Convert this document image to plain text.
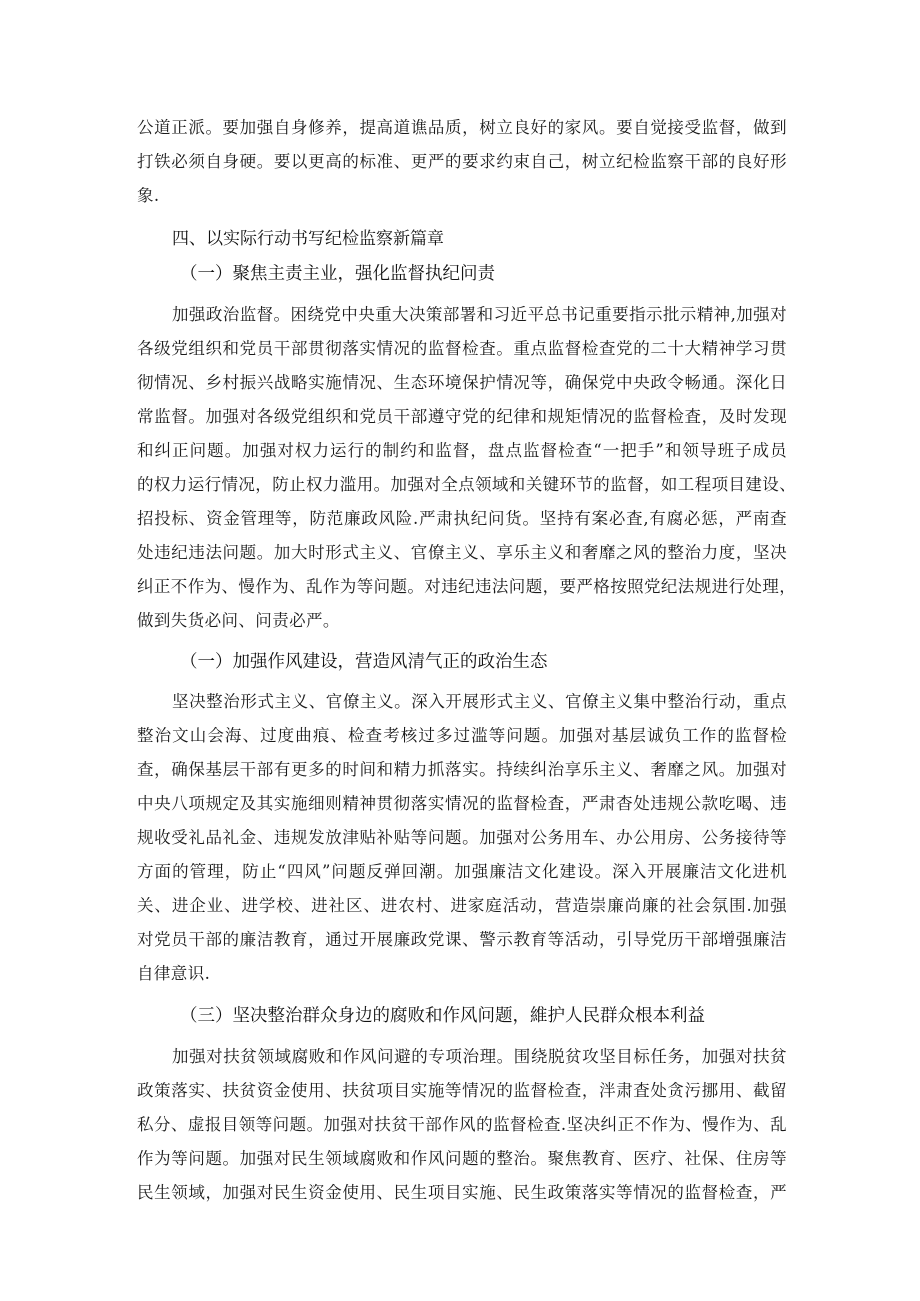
公道正派。要加强自身修养，提高道谯品质，树立良好的家风。要自觉接受监督，做到
打铁必须自身硬。要以更高的标准、更严的要求约束自己，树立纪检监察干部的良好形
象.
四、以实际行动书写纪检监察新篇章
（一）聚焦主责主业，强化监督执纪问责
加强政治监督。困绕党中央重大决策部署和习近平总书记重要指示批示精神,加强对
各级党组织和党员干部贯彻落实情况的监督检査。重点监督检查党的二十大精神学习贯
彻情况、乡村振兴战略实施情况、生态环境保护情况等，确保党中央政令畅通。深化日
常监督。加强对各级党组织和党员干部遵守党的纪律和规矩情况的监督检査，及时发现
和纠正问题。加强对权力运行的制约和监督，盘点监督检查“一把手”和领导班子成员
的权力运行情况，防止权力滥用。加强对全点领域和关键环节的监督，如工程项目建设、
招投标、资金管理等，防范廉政风险.严肃执纪问货。坚持有案必査,有腐必惩，严南查
处违纪违法问题。加大时形式主义、官僚主义、享乐主义和奢靡之风的整治力度，坚决
纠正不作为、慢作为、乱作为等问题。对违纪违法问题，要严格按照党纪法规进行处理，
做到失货必问、问责必严。
（一）加强作风建设，营造风清气正的政治生态
坚决整治形式主义、官僚主义。深入开展形式主义、官僚主义集中整治行动，重点
整治文山会海、过度曲痕、检查考核过多过滥等问题。加强对基层诚负工作的监督检
查，确保基层干部有更多的时间和精力抓落实。持续纠治享乐主义、奢靡之风。加强对
中央八项规定及其实施细则精神贯彻落实情况的监督检査，严肃杳处违规公款吃喝、违
规收受礼品礼金、违规发放津贴补贴等问题。加强对公务用车、办公用房、公务接待等
方面的管理，防止“四风”问题反弹回潮。加强廉洁文化建设。深入开展廉洁文化进机
关、进企业、进学校、进社区、进农村、进家庭活动，营造崇廉尚廉的社会氛围.加强
对党员干部的廉洁教育，通过开展廉政党课、警示教育等活动，引导党历干部增强廉洁
自律意识.
（三）坚决整治群众身边的腐败和作风问题，維护人民群众根本利益
加强对扶贫领域腐败和作风问避的专项治理。围绕脱贫攻坚目标任务，加强对扶贫
政策落实、扶贫资金使用、扶贫项目实施等情况的监督检查，泮肃査处贪污挪用、截留
私分、虚报目领等问题。加强对扶贫干部作风的监督检查.坚决纠正不作为、慢作为、乱
作为等问题。加强对民生领域腐败和作风问题的整治。聚焦教育、医疗、社保、住房等
民生领域，加强对民生资金使用、民生项目实施、民生政策落实等情况的监督检查，严
